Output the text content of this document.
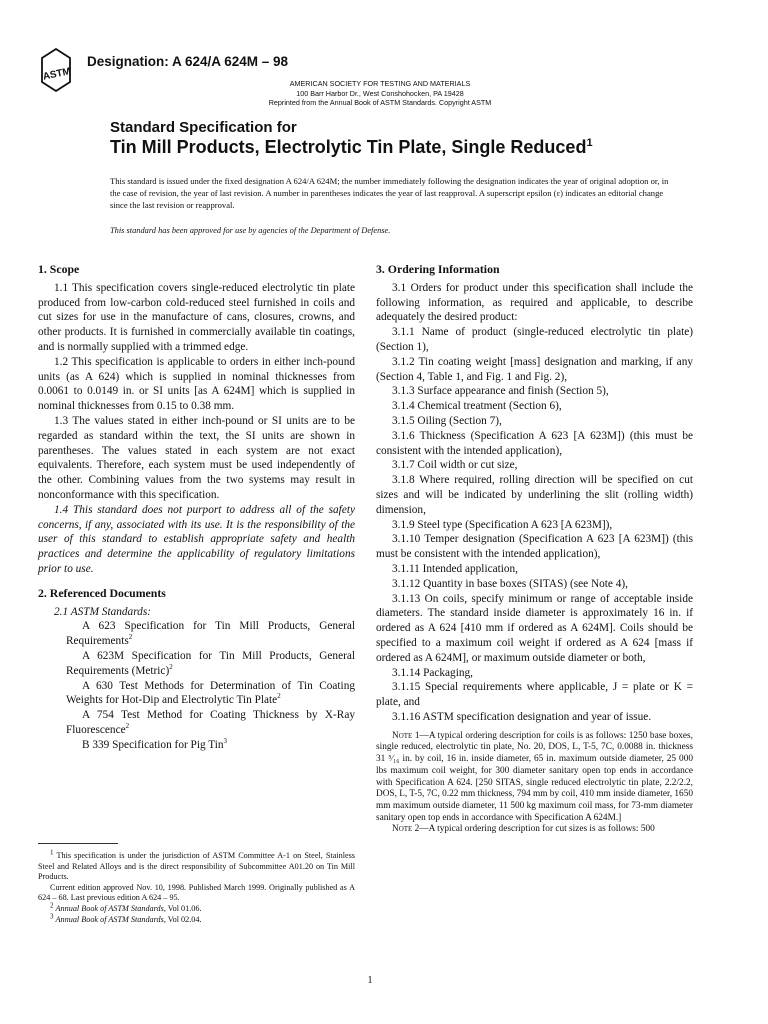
ASTM
Designation: A 624/A 624M – 98
AMERICAN SOCIETY FOR TESTING AND MATERIALS
100 Barr Harbor Dr., West Conshohocken, PA 19428
Reprinted from the Annual Book of ASTM Standards. Copyright ASTM
Standard Specification for
Tin Mill Products, Electrolytic Tin Plate, Single Reduced$^1$
This standard is issued under the fixed designation A 624/A 624M; the number immediately following the designation indicates the year of original adoption or, in the case of revision, the year of last revision. A number in parentheses indicates the year of last reapproval. A superscript epsilon (ε) indicates an editorial change since the last revision or reapproval.
This standard has been approved for use by agencies of the Department of Defense.
1. Scope

1.1 This specification covers single-reduced electrolytic tin plate produced from low-carbon cold-reduced steel furnished in coils and cut sizes for use in the manufacture of cans, closures, crowns, and other products. It is furnished in commercially available tin coatings, and is normally supplied with a trimmed edge.

1.2 This specification is applicable to orders in either inch-pound units (as A 624) which is supplied in nominal thicknesses from 0.0061 to 0.0149 in. or SI units [as A 624M] which is supplied in nominal thicknesses from 0.15 to 0.38 mm.

1.3 The values stated in either inch-pound or SI units are to be regarded as standard within the text, the SI units are shown in parentheses. The values stated in each system are not exact equivalents. Therefore, each system must be used independently of the other. Combining values from the two systems may result in nonconformance with this specification.

1.4 This standard does not purport to address all of the safety concerns, if any, associated with its use. It is the responsibility of the user of this standard to establish appropriate safety and health practices and determine the applicability of regulatory limitations prior to use.

2. Referenced Documents

2.1 ASTM Standards:

A 623 Specification for Tin Mill Products, General Requirements$^2$

A 623M Specification for Tin Mill Products, General Requirements (Metric)$^2$

A 630 Test Methods for Determination of Tin Coating Weights for Hot-Dip and Electrolytic Tin Plate$^2$

A 754 Test Method for Coating Thickness by X-Ray Fluorescence$^2$

B 339 Specification for Pig Tin$^3$

$^1$ This specification is under the jurisdiction of ASTM Committee A-1 on Steel, Stainless Steel and Related Alloys and is the direct responsibility of Subcommittee A01.20 on Tin Mill Products.

Current edition approved Nov. 10, 1998. Published March 1999. Originally published as A 624 – 68. Last previous edition A 624 – 95.

$^2$ Annual Book of ASTM Standards, Vol 01.06.

$^3$ Annual Book of ASTM Standards, Vol 02.04.

3. Ordering Information

3.1 Orders for product under this specification shall include the following information, as required and applicable, to describe adequately the desired product:

3.1.1 Name of product (single-reduced electrolytic tin plate) (Section 1),

3.1.2 Tin coating weight [mass] designation and marking, if any (Section 4, Table 1, and Fig. 1 and Fig. 2),

3.1.3 Surface appearance and finish (Section 5),

3.1.4 Chemical treatment (Section 6),

3.1.5 Oiling (Section 7),

3.1.6 Thickness (Specification A 623 [A 623M]) (this must be consistent with the intended application),

3.1.7 Coil width or cut size,

3.1.8 Where required, rolling direction will be specified on cut sizes and will be indicated by underlining the slit (rolling width) dimension,

3.1.9 Steel type (Specification A 623 [A 623M]),

3.1.10 Temper designation (Specification A 623 [A 623M]) (this must be consistent with the intended application),

3.1.11 Intended application,

3.1.12 Quantity in base boxes (SITAS) (see Note 4),

3.1.13 On coils, specify minimum or range of acceptable inside diameters. The standard inside diameter is approximately 16 in. if ordered as A 624 [410 mm if ordered as A 624M]. Coils should be specified to a maximum coil weight if ordered as A 624 [mass if ordered as A 624M], or maximum outside diameter or both,

3.1.14 Packaging,

3.1.15 Special requirements where applicable, J = plate or K = plate, and

3.1.16 ASTM specification designation and year of issue.

Note 1—A typical ordering description for coils is as follows: 1250 base boxes, single reduced, electrolytic tin plate, No. 20, DOS, L, T-5, 7C, 0.0088 in. thickness 31 ⁵⁄₁₆ in. by coil, 16 in. inside diameter, 65 in. maximum outside diameter, 25 000 lbs maximum coil weight, for 300 diameter sanitary open top ends in accordance with Specification A 624. [250 SITAS, single reduced electrolytic tin plate, 2.2/2.2, DOS, L, T-5, 7C, 0.22 mm thickness, 794 mm by coil, 410 mm inside diameter, 1650 mm maximum outside diameter, 11 500 kg maximum coil mass, for 73-mm diameter sanitary open top ends in accordance with Specification A 624M.]

Note 2—A typical ordering description for cut sizes is as follows: 500

1
